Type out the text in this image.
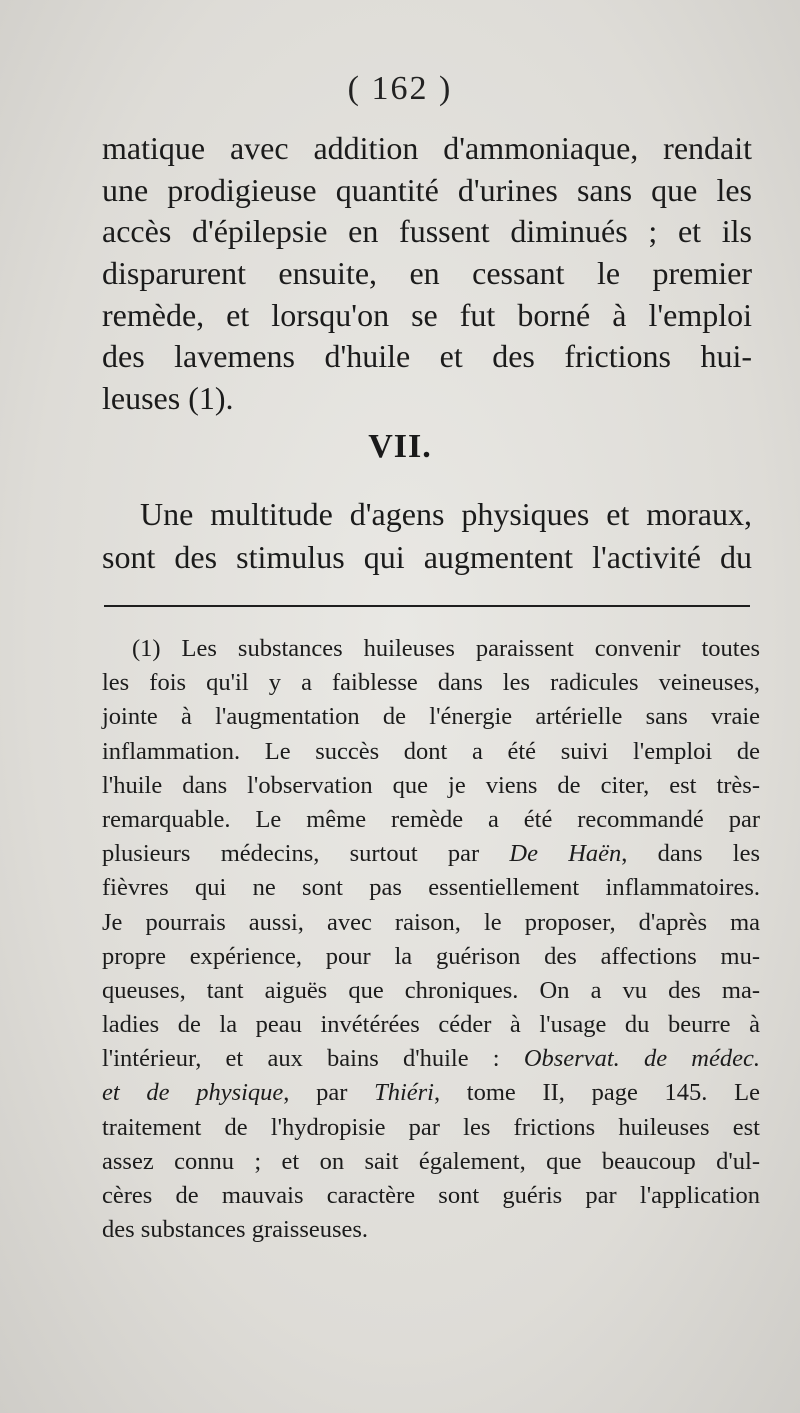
( 162 )
matique avec addition d'ammoniaque, rendait
une prodigieuse quantité d'urines sans que les
accès d'épilepsie en fussent diminués ; et ils
disparurent ensuite, en cessant le premier
remède, et lorsqu'on se fut borné à l'emploi
des lavemens d'huile et des frictions hui-
leuses (1).
VII.
Une multitude d'agens physiques et moraux,
sont des stimulus qui augmentent l'activité du
(1) Les substances huileuses paraissent convenir toutes
les fois qu'il y a faiblesse dans les radicules veineuses,
jointe à l'augmentation de l'énergie artérielle sans vraie
inflammation. Le succès dont a été suivi l'emploi de
l'huile dans l'observation que je viens de citer, est très-
remarquable. Le même remède a été recommandé par
plusieurs médecins, surtout par De Haën, dans les
fièvres qui ne sont pas essentiellement inflammatoires.
Je pourrais aussi, avec raison, le proposer, d'après ma
propre expérience, pour la guérison des affections mu-
queuses, tant aiguës que chroniques. On a vu des ma-
ladies de la peau invétérées céder à l'usage du beurre à
l'intérieur, et aux bains d'huile : Observat. de médec.
et de physique, par Thiéri, tome II, page 145. Le
traitement de l'hydropisie par les frictions huileuses est
assez connu ; et on sait également, que beaucoup d'ul-
cères de mauvais caractère sont guéris par l'application
des substances graisseuses.
